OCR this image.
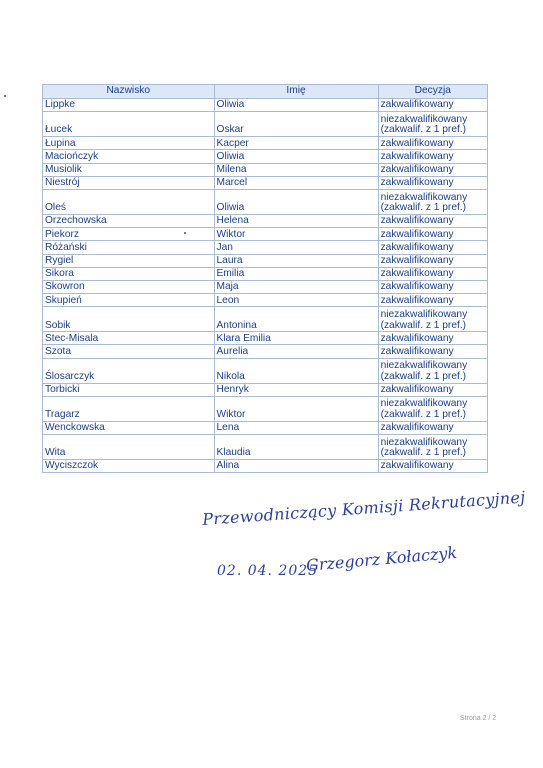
Nazwisko	Imię	Decyzja
Lippke	Oliwia	zakwalifikowany
Łucek	Oskar	niezakwalifikowany (zakwalif. z 1 pref.)
Łupina	Kacper	zakwalifikowany
Maciończyk	Oliwia	zakwalifikowany
Musiolik	Milena	zakwalifikowany
Niestrój	Marcel	zakwalifikowany
Oleś	Oliwia	niezakwalifikowany (zakwalif. z 1 pref.)
Orzechowska	Helena	zakwalifikowany
Piekorz	Wiktor	zakwalifikowany
Różański	Jan	zakwalifikowany
Rygiel	Laura	zakwalifikowany
Sikora	Emilia	zakwalifikowany
Skowron	Maja	zakwalifikowany
Skupień	Leon	zakwalifikowany
Sobik	Antonina	niezakwalifikowany (zakwalif. z 1 pref.)
Stec-Misala	Klara Emilia	zakwalifikowany
Szota	Aurelia	zakwalifikowany
Ślosarczyk	Nikola	niezakwalifikowany (zakwalif. z 1 pref.)
Torbicki	Henryk	zakwalifikowany
Tragarz	Wiktor	niezakwalifikowany (zakwalif. z 1 pref.)
Wenckowska	Lena	zakwalifikowany
Wita	Klaudia	niezakwalifikowany (zakwalif. z 1 pref.)
Wyciszczok	Alina	zakwalifikowany
Przewodniczący Komisji Rekrutacyjnej
02. 04. 2025
Grzegorz Kołaczyk
Strona 2 / 2
